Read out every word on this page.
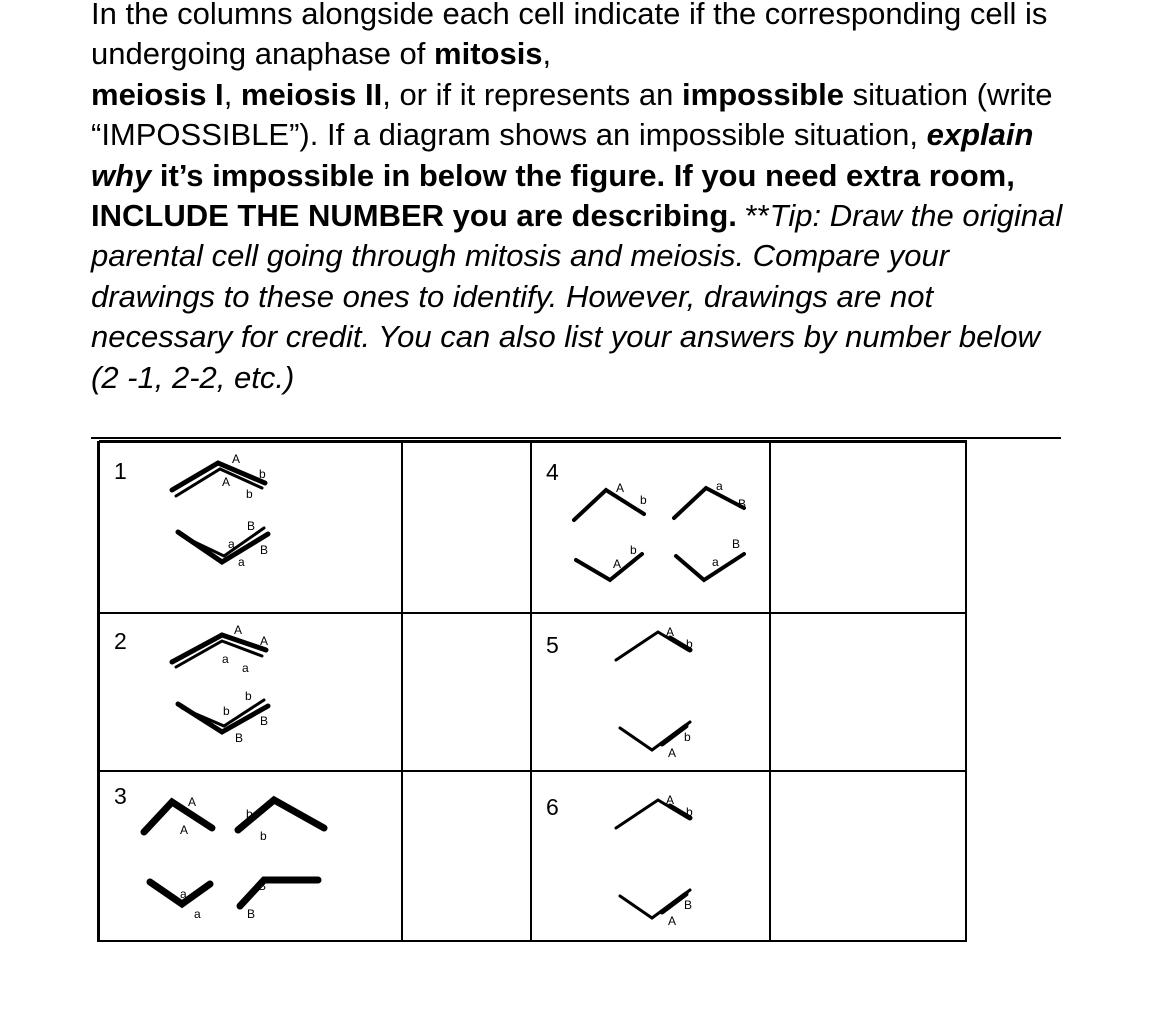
In the columns alongside each cell indicate if the corresponding cell is undergoing anaphase of mitosis,
meiosis I, meiosis II, or if it represents an impossible situation (write “IMPOSSIBLE”). If a diagram shows an impossible situation, explain why it’s impossible in below the figure. If you need extra room, INCLUDE THE NUMBER you are describing. **Tip: Draw the original parental cell going through mitosis and meiosis. Compare your drawings to these ones to identify. However, drawings are not necessary for credit. You can also list your answers by number below (2 -1, 2-2, etc.)
1
2
3
4
5
6
A
A
b
b
B
a
a
B
A
A
a
a
b
b
B
B
A
A
b
b
a
a
B
B
A
b
a
B
A
b
a
B
A
b
A
b
A
b
A
B
